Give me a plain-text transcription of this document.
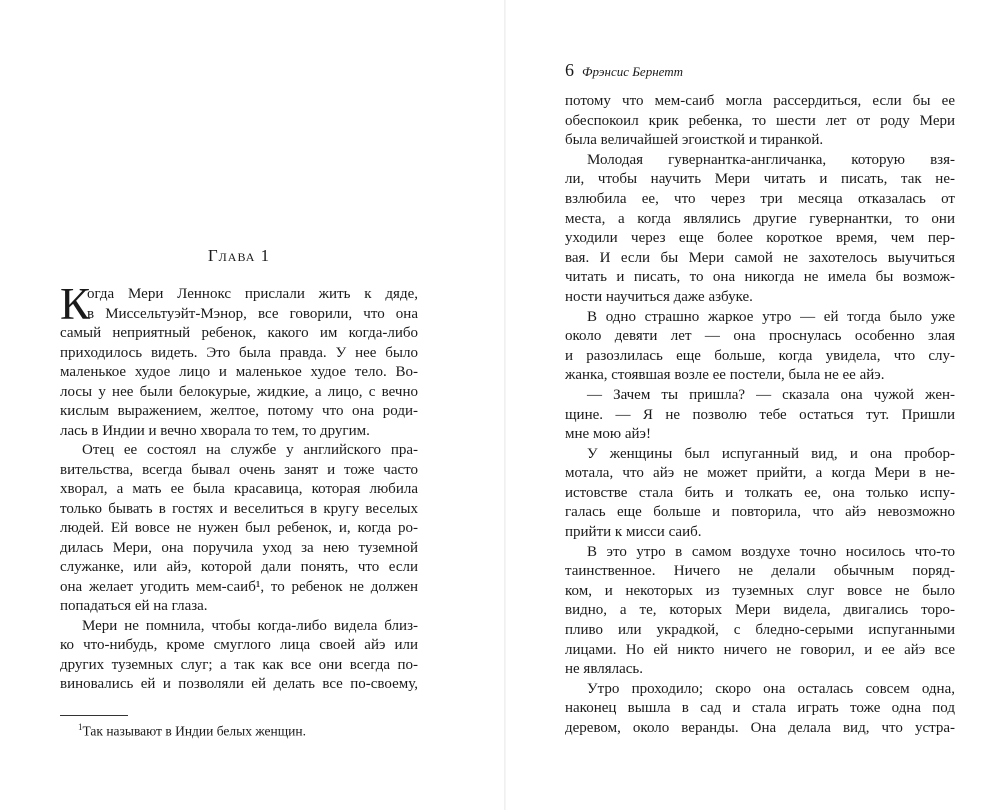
Глава 1
К
огда Мери Леннокс прислали жить к дяде,
в Миссельтуэйт-Мэнор, все говорили, что она
самый неприятный ребенок, какого им когда-либо
приходилось видеть. Это была правда. У нее было
маленькое худое лицо и маленькое худое тело. Во-
лосы у нее были белокурые, жидкие, а лицо, с вечно
кислым выражением, желтое, потому что она роди-
лась в Индии и вечно хворала то тем, то другим.
Отец ее состоял на службе у английского пра-
вительства, всегда бывал очень занят и тоже часто
хворал, а мать ее была красавица, которая любила
только бывать в гостях и веселиться в кругу веселых
людей. Ей вовсе не нужен был ребенок, и, когда ро-
дилась Мери, она поручила уход за нею туземной
служанке, или айэ, которой дали понять, что если
она желает угодить мем-саиб¹, то ребенок не должен
попадаться ей на глаза.
Мери не помнила, чтобы когда-либо видела близ-
ко что-нибудь, кроме смуглого лица своей айэ или
других туземных слуг; а так как все они всегда по-
виновались ей и позволяли ей делать все по-своему,
$^1$Так называют в Индии белых женщин.
6 Фрэнсис Бернетт
потому что мем-саиб могла рассердиться, если бы ее
обеспокоил крик ребенка, то шести лет от роду Мери
была величайшей эгоисткой и тиранкой.
Молодая гувернантка-англичанка, которую взя-
ли, чтобы научить Мери читать и писать, так не-
взлюбила ее, что через три месяца отказалась от
места, а когда являлись другие гувернантки, то они
уходили через еще более короткое время, чем пер-
вая. И если бы Мери самой не захотелось выучиться
читать и писать, то она никогда не имела бы возмож-
ности научиться даже азбуке.
В одно страшно жаркое утро — ей тогда было уже
около девяти лет — она проснулась особенно злая
и разозлилась еще больше, когда увидела, что слу-
жанка, стоявшая возле ее постели, была не ее айэ.
— Зачем ты пришла? — сказала она чужой жен-
щине. — Я не позволю тебе остаться тут. Пришли
мне мою айэ!
У женщины был испуганный вид, и она пробор-
мотала, что айэ не может прийти, а когда Мери в не-
истовстве стала бить и толкать ее, она только испу-
галась еще больше и повторила, что айэ невозможно
прийти к мисси саиб.
В это утро в самом воздухе точно носилось что-то
таинственное. Ничего не делали обычным поряд-
ком, и некоторых из туземных слуг вовсе не было
видно, а те, которых Мери видела, двигались торо-
пливо или украдкой, с бледно-серыми испуганными
лицами. Но ей никто ничего не говорил, и ее айэ все
не являлась.
Утро проходило; скоро она осталась совсем одна,
наконец вышла в сад и стала играть тоже одна под
деревом, около веранды. Она делала вид, что устра-
